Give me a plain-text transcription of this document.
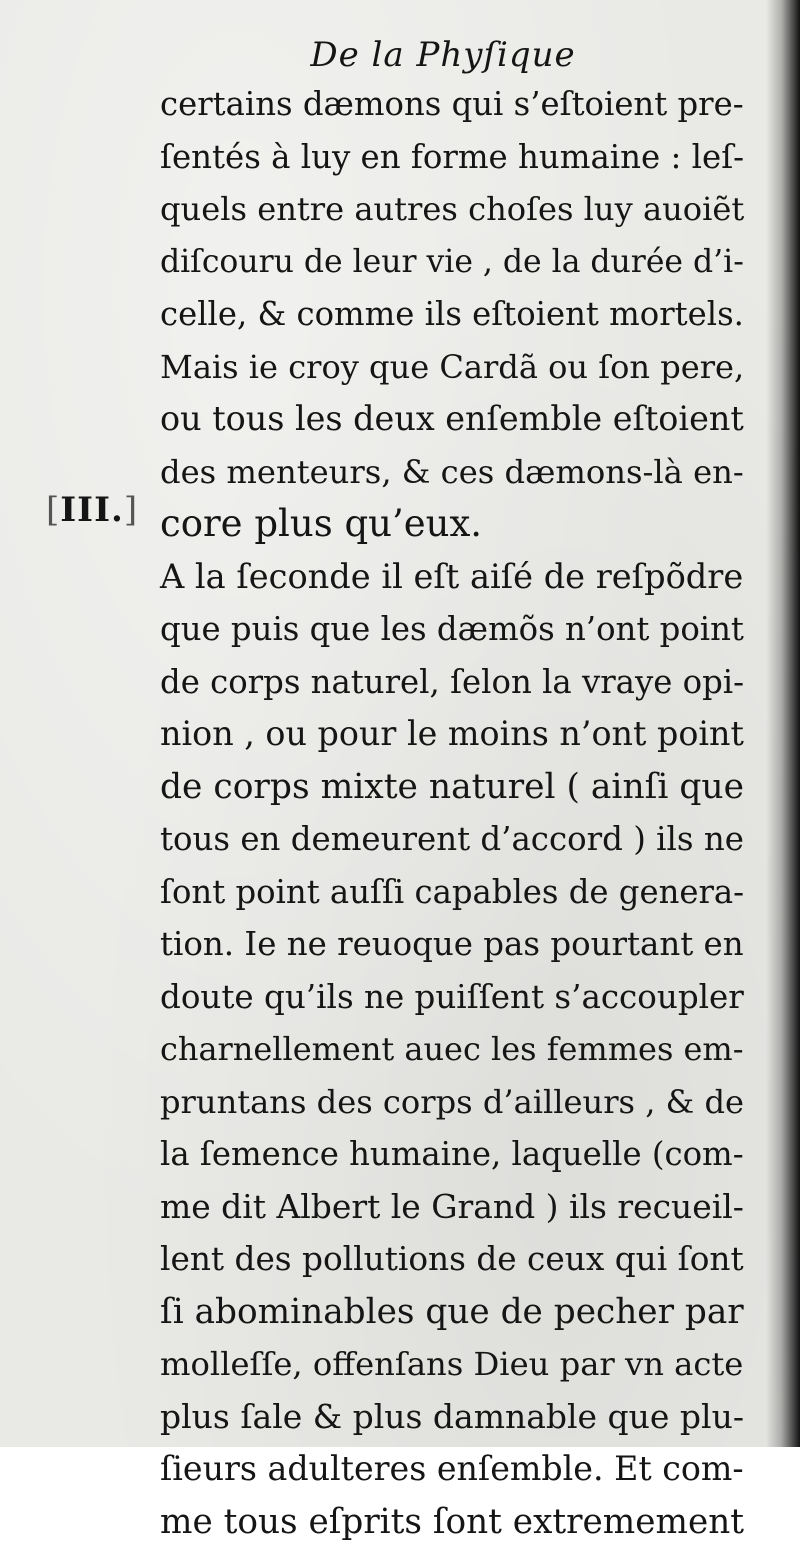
De la Phyſique
[III.]
certains dæmons qui s’eſtoient pre-
ſentés à luy en forme humaine : leſ-
quels entre autres choſes luy auoiẽt
diſcouru de leur vie , de la durée d’i-
celle, & comme ils eſtoient mortels.
Mais ie croy que Cardã ou ſon pere,
ou tous les deux enſemble eſtoient
des menteurs, & ces dæmons-là en-
core plus qu’eux.
A la ſeconde il eſt aiſé de reſpõdre
que puis que les dæmõs n’ont point
de corps naturel, ſelon la vraye opi-
nion , ou pour le moins n’ont point
de corps mixte naturel ( ainſi que
tous en demeurent d’accord ) ils ne
ſont point auſſi capables de genera-
tion. Ie ne reuoque pas pourtant en
doute qu’ils ne puiſſent s’accoupler
charnellement auec les femmes em-
pruntans des corps d’ailleurs , & de
la ſemence humaine, laquelle (com-
me dit Albert le Grand ) ils recueil-
lent des pollutions de ceux qui ſont
ſi abominables que de pecher par
molleſſe, offenſans Dieu par vn acte
plus ſale & plus damnable que plu-
ſieurs adulteres enſemble. Et com-
me tous eſprits ſont extremement
